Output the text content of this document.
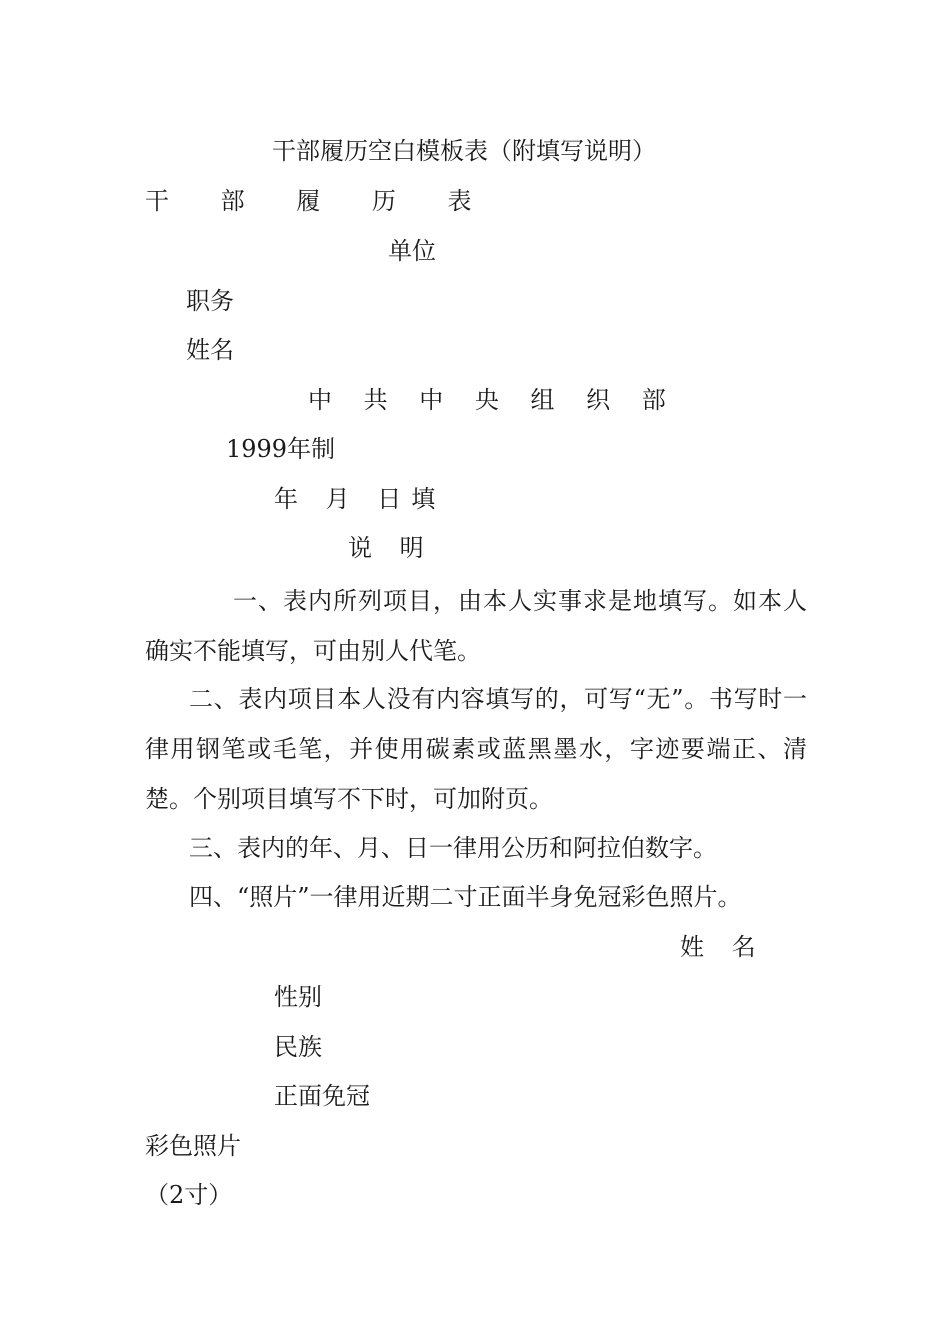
干部履历空白模板表（附填写说明）
干 部 履 历 表
单位
职务
姓名
中 共 中 央 组 织 部
1999年制
年 月 日填
说 明
一、表内所列项目，由本人实事求是地填写。如本人确实不能填写，可由别人代笔。
二、表内项目本人没有内容填写的，可写“无”。书写时一律用钢笔或毛笔，并使用碳素或蓝黑墨水，字迹要端正、清楚。个别项目填写不下时，可加附页。
三、表内的年、月、日一律用公历和阿拉伯数字。
四、“照片”一律用近期二寸正面半身免冠彩色照片。
姓 名
性别
民族
正面免冠
彩色照片
（2寸）
